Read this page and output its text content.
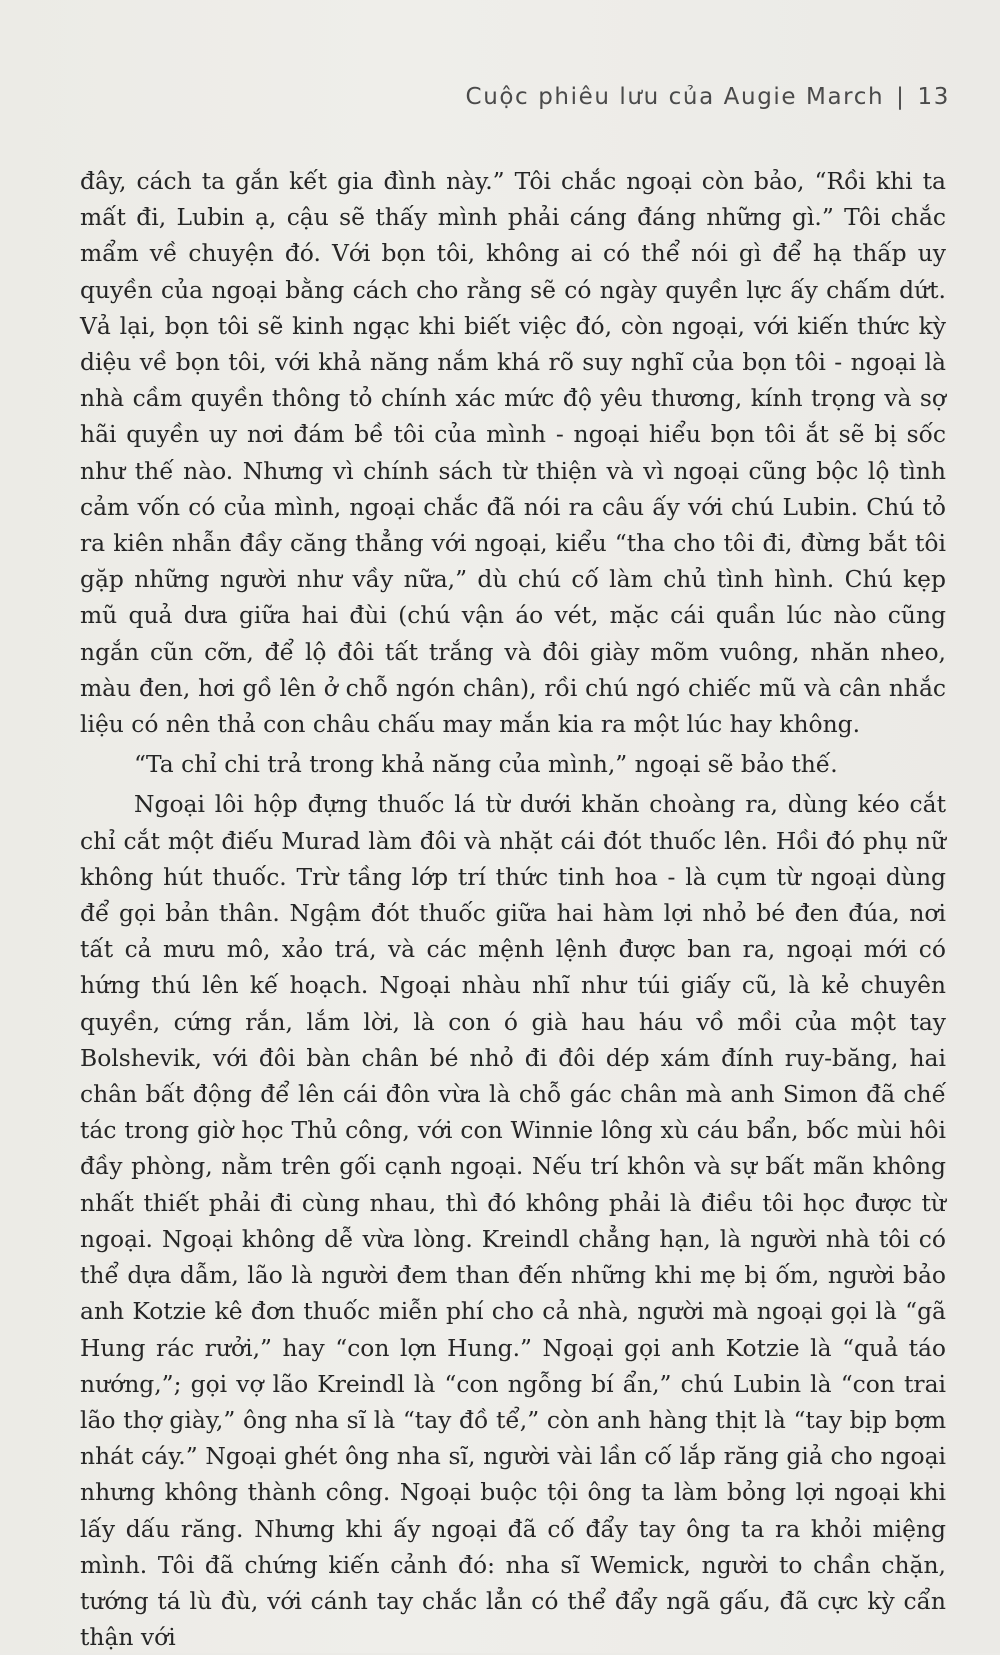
Cuộc phiêu lưu của Augie March | 13

đây, cách ta gắn kết gia đình này.” Tôi chắc ngoại còn bảo, “Rồi khi ta mất đi, Lubin ạ, cậu sẽ thấy mình phải cáng đáng những gì.” Tôi chắc mẩm về chuyện đó. Với bọn tôi, không ai có thể nói gì để hạ thấp uy quyền của ngoại bằng cách cho rằng sẽ có ngày quyền lực ấy chấm dứt. Vả lại, bọn tôi sẽ kinh ngạc khi biết việc đó, còn ngoại, với kiến thức kỳ diệu về bọn tôi, với khả năng nắm khá rõ suy nghĩ của bọn tôi - ngoại là nhà cầm quyền thông tỏ chính xác mức độ yêu thương, kính trọng và sợ hãi quyền uy nơi đám bề tôi của mình - ngoại hiểu bọn tôi ắt sẽ bị sốc như thế nào. Nhưng vì chính sách từ thiện và vì ngoại cũng bộc lộ tình cảm vốn có của mình, ngoại chắc đã nói ra câu ấy với chú Lubin. Chú tỏ ra kiên nhẫn đầy căng thẳng với ngoại, kiểu “tha cho tôi đi, đừng bắt tôi gặp những người như vầy nữa,” dù chú cố làm chủ tình hình. Chú kẹp mũ quả dưa giữa hai đùi (chú vận áo vét, mặc cái quần lúc nào cũng ngắn cũn cỡn, để lộ đôi tất trắng và đôi giày mõm vuông, nhăn nheo, màu đen, hơi gồ lên ở chỗ ngón chân), rồi chú ngó chiếc mũ và cân nhắc liệu có nên thả con châu chấu may mắn kia ra một lúc hay không.

“Ta chỉ chi trả trong khả năng của mình,” ngoại sẽ bảo thế.

Ngoại lôi hộp đựng thuốc lá từ dưới khăn choàng ra, dùng kéo cắt chỉ cắt một điếu Murad làm đôi và nhặt cái đót thuốc lên. Hồi đó phụ nữ không hút thuốc. Trừ tầng lớp trí thức tinh hoa - là cụm từ ngoại dùng để gọi bản thân. Ngậm đót thuốc giữa hai hàm lợi nhỏ bé đen đúa, nơi tất cả mưu mô, xảo trá, và các mệnh lệnh được ban ra, ngoại mới có hứng thú lên kế hoạch. Ngoại nhàu nhĩ như túi giấy cũ, là kẻ chuyên quyền, cứng rắn, lắm lời, là con ó già hau háu vồ mồi của một tay Bolshevik, với đôi bàn chân bé nhỏ đi đôi dép xám đính ruy-băng, hai chân bất động để lên cái đôn vừa là chỗ gác chân mà anh Simon đã chế tác trong giờ học Thủ công, với con Winnie lông xù cáu bẩn, bốc mùi hôi đầy phòng, nằm trên gối cạnh ngoại. Nếu trí khôn và sự bất mãn không nhất thiết phải đi cùng nhau, thì đó không phải là điều tôi học được từ ngoại. Ngoại không dễ vừa lòng. Kreindl chẳng hạn, là người nhà tôi có thể dựa dẫm, lão là người đem than đến những khi mẹ bị ốm, người bảo anh Kotzie kê đơn thuốc miễn phí cho cả nhà, người mà ngoại gọi là “gã Hung rác rưởi,” hay “con lợn Hung.” Ngoại gọi anh Kotzie là “quả táo nướng,”; gọi vợ lão Kreindl là “con ngỗng bí ẩn,” chú Lubin là “con trai lão thợ giày,” ông nha sĩ là “tay đồ tể,” còn anh hàng thịt là “tay bịp bợm nhát cáy.” Ngoại ghét ông nha sĩ, người vài lần cố lắp răng giả cho ngoại nhưng không thành công. Ngoại buộc tội ông ta làm bỏng lợi ngoại khi lấy dấu răng. Nhưng khi ấy ngoại đã cố đẩy tay ông ta ra khỏi miệng mình. Tôi đã chứng kiến cảnh đó: nha sĩ Wemick, người to chần chặn, tướng tá lù đù, với cánh tay chắc lẳn có thể đẩy ngã gấu, đã cực kỳ cẩn thận với
